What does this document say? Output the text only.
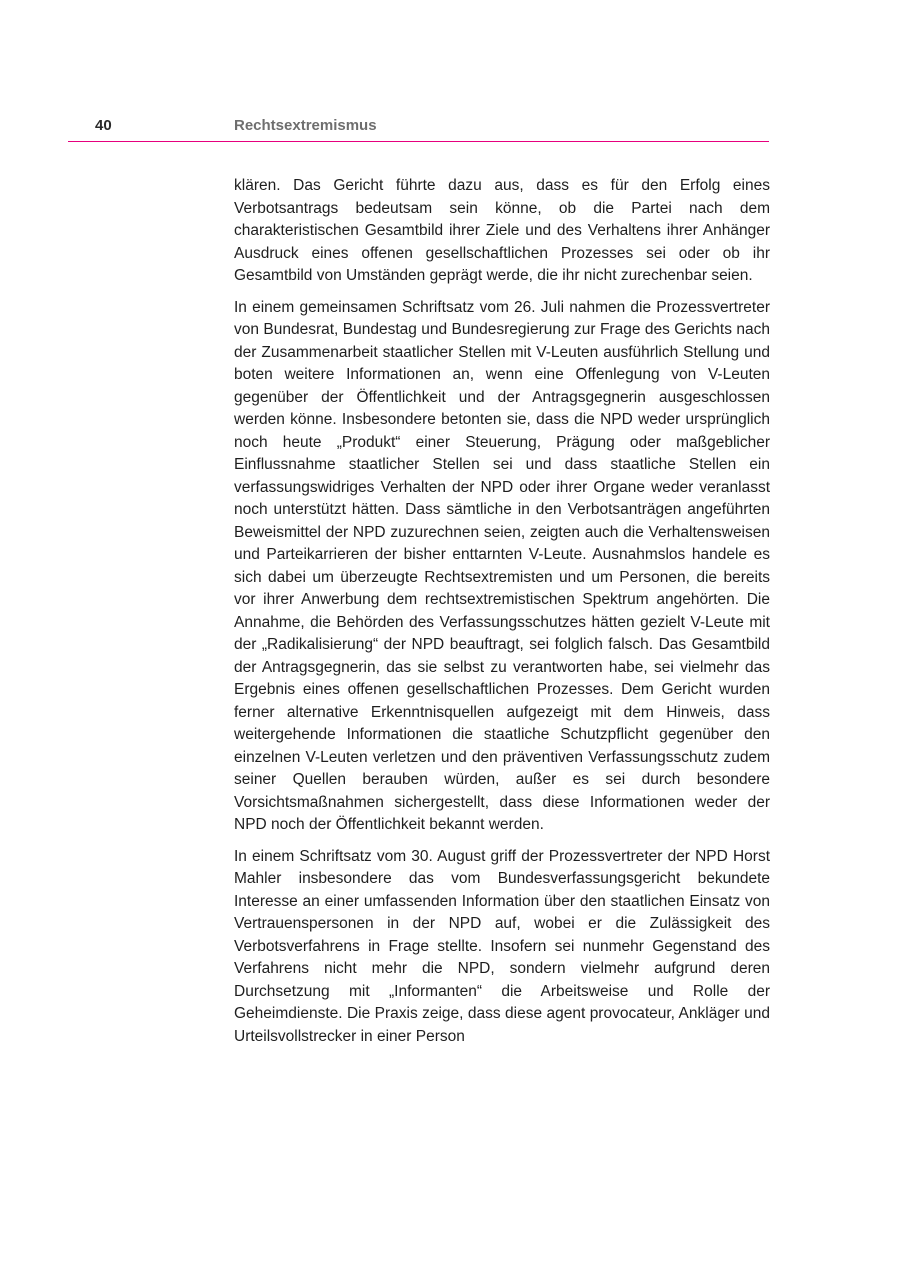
40	Rechtsextremismus

klären. Das Gericht führte dazu aus, dass es für den Erfolg eines Verbotsantrags bedeutsam sein könne, ob die Partei nach dem charakteristischen Gesamtbild ihrer Ziele und des Verhaltens ihrer Anhänger Ausdruck eines offenen gesellschaftlichen Prozesses sei oder ob ihr Gesamtbild von Umständen geprägt werde, die ihr nicht zurechenbar seien.

In einem gemeinsamen Schriftsatz vom 26. Juli nahmen die Prozessvertreter von Bundesrat, Bundestag und Bundesregierung zur Frage des Gerichts nach der Zusammenarbeit staatlicher Stellen mit V-Leuten ausführlich Stellung und boten weitere Informationen an, wenn eine Offenlegung von V-Leuten gegenüber der Öffentlichkeit und der Antragsgegnerin ausgeschlossen werden könne. Insbesondere betonten sie, dass die NPD weder ursprünglich noch heute „Produkt“ einer Steuerung, Prägung oder maßgeblicher Einflussnahme staatlicher Stellen sei und dass staatliche Stellen ein verfassungswidriges Verhalten der NPD oder ihrer Organe weder veranlasst noch unterstützt hätten. Dass sämtliche in den Verbotsanträgen angeführten Beweismittel der NPD zuzurechnen seien, zeigten auch die Verhaltensweisen und Parteikarrieren der bisher enttarnten V-Leute. Ausnahmslos handele es sich dabei um überzeugte Rechtsextremisten und um Personen, die bereits vor ihrer Anwerbung dem rechtsextremistischen Spektrum angehörten. Die Annahme, die Behörden des Verfassungsschutzes hätten gezielt V-Leute mit der „Radikalisierung“ der NPD beauftragt, sei folglich falsch. Das Gesamtbild der Antragsgegnerin, das sie selbst zu verantworten habe, sei vielmehr das Ergebnis eines offenen gesellschaftlichen Prozesses. Dem Gericht wurden ferner alternative Erkenntnisquellen aufgezeigt mit dem Hinweis, dass weitergehende Informationen die staatliche Schutzpflicht gegenüber den einzelnen V-Leuten verletzen und den präventiven Verfassungsschutz zudem seiner Quellen berauben würden, außer es sei durch besondere Vorsichtsmaßnahmen sichergestellt, dass diese Informationen weder der NPD noch der Öffentlichkeit bekannt werden.

In einem Schriftsatz vom 30. August griff der Prozessvertreter der NPD Horst Mahler insbesondere das vom Bundesverfassungsgericht bekundete Interesse an einer umfassenden Information über den staatlichen Einsatz von Vertrauenspersonen in der NPD auf, wobei er die Zulässigkeit des Verbotsverfahrens in Frage stellte. Insofern sei nunmehr Gegenstand des Verfahrens nicht mehr die NPD, sondern vielmehr aufgrund deren Durchsetzung mit „Informanten“ die Arbeitsweise und Rolle der Geheimdienste. Die Praxis zeige, dass diese agent provocateur, Ankläger und Urteilsvollstrecker in einer Person
